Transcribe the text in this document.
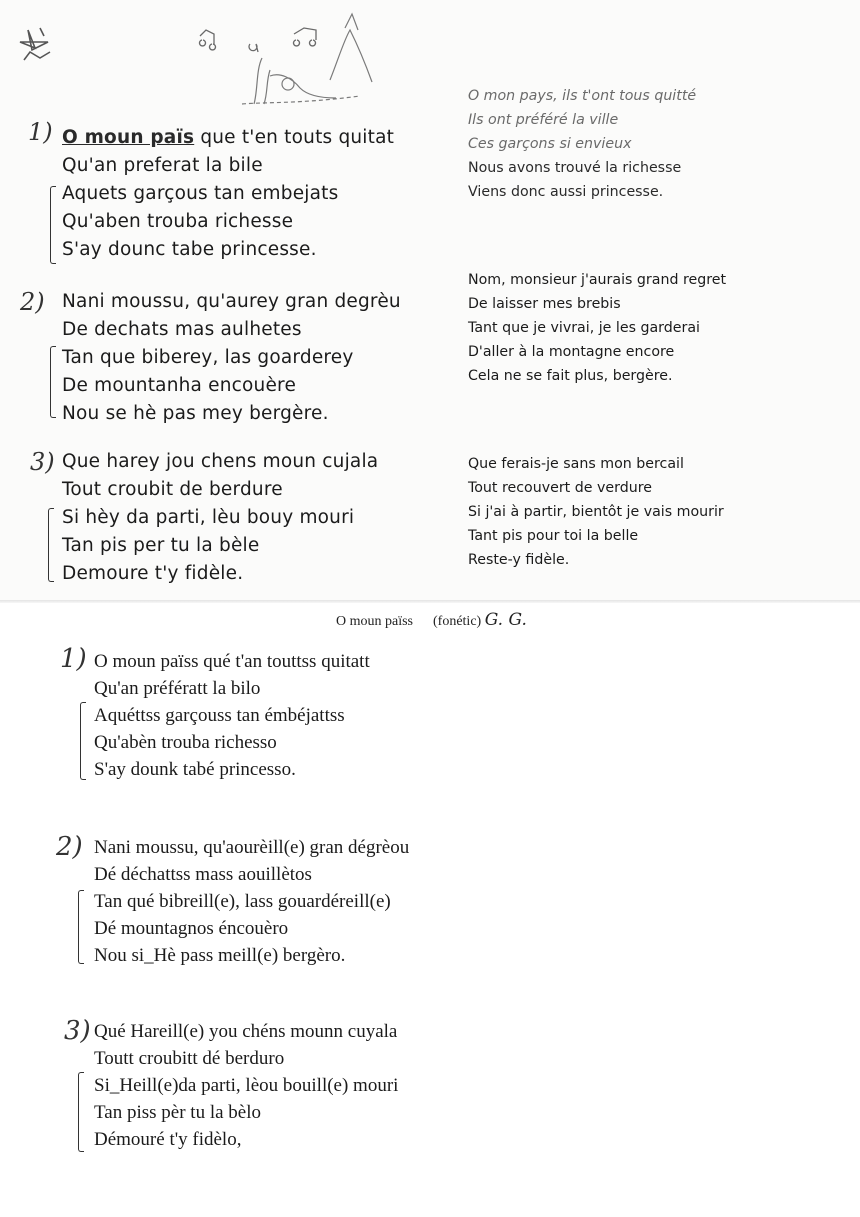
1) O moun païs que t'en touts quitat
Qu'an preferat la bile
Aquets garçous tan embejats
Qu'aben trouba richesse
S'ay dounc tabe princesse.
2) Nani moussu, qu'aurey gran degrèu
De dechats mas aulhetes
Tan que biberey, las goarderey
De mountanha encouère
Nou se hè pas mey bergère.
3) Que harey jou chens moun cujala
Tout croubit de berdure
Si hèy da parti, lèu bouy mouri
Tan pis per tu la bèle
Demoure t'y fidèle.
O mon pays, ils t'ont tous quitté
Ils ont préféré la ville
Ces garçons si envieux
Nous avons trouvé la richesse
Viens donc aussi princesse.
Nom, monsieur j'aurais grand regret
De laisser mes brebis
Tant que je vivrai, je les garderai
D'aller à la montagne encore
Cela ne se fait plus, bergère.
Que ferais-je sans mon bercail
Tout recouvert de verdure
Si j'ai à partir, bientôt je vais mourir
Tant pis pour toi la belle
Reste-y fidèle.
O moun païss (fonétic) G. G.
1) O moun païss qué t'an touttss quitatt
Qu'an préfératt la bilo
Aquéttss garçouss tan émbéjattss
Qu'abèn trouba richesso
S'ay dounk tabé princesso.
2) Nani moussu, qu'aourèill(e) gran dégrèou
Dé déchattss mass aouillètos
Tan qué bibreill(e), lass gouardéreill(e)
Dé mountagnos éncouèro
Nou si_Hè pass meill(e) bergèro.
3) Qué Hareill(e) you chéns mounn cuyala
Toutt croubitt dé berduro
Si_Heill(e)da parti, lèou bouill(e) mouri
Tan piss pèr tu la bèlo
Démouré t'y fidèlo,
